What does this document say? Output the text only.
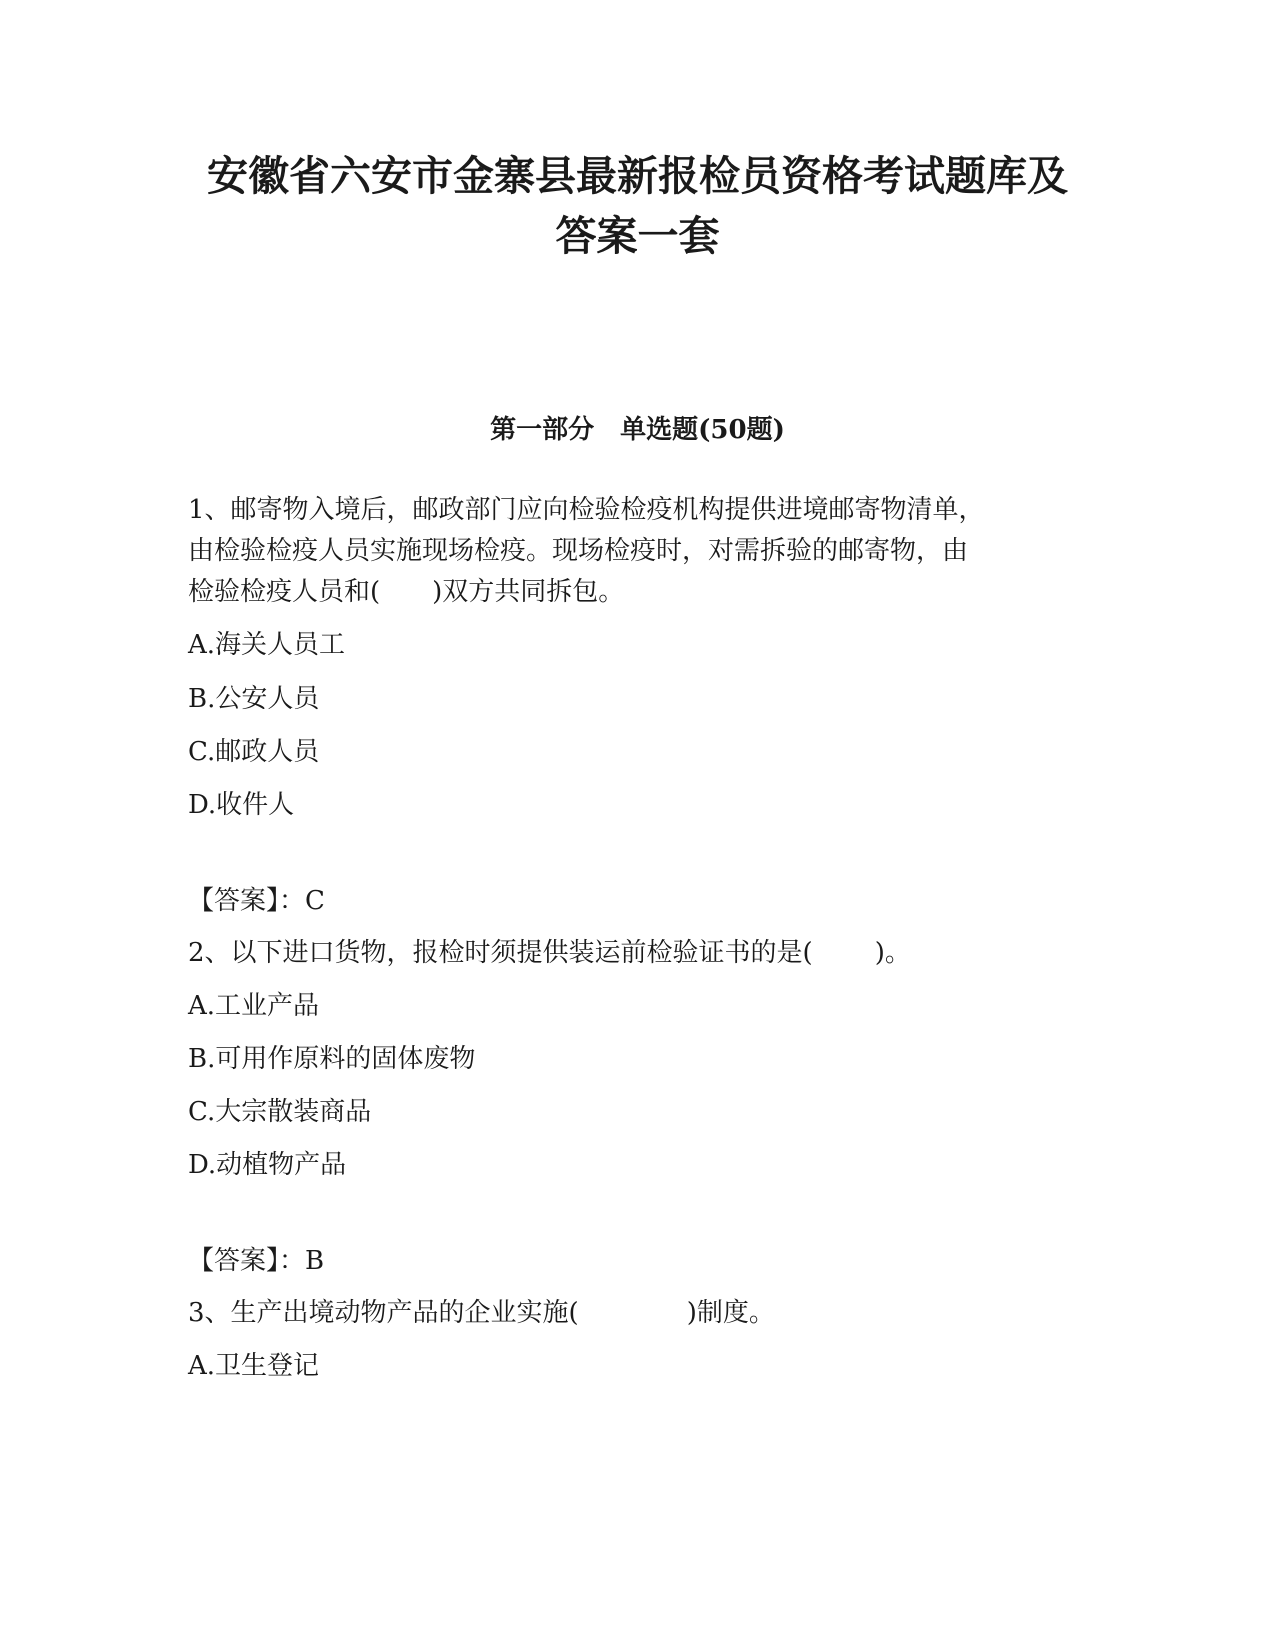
安徽省六安市金寨县最新报检员资格考试题库及
答案一套
第一部分　单选题(50题)
1、邮寄物入境后，邮政部门应向检验检疫机构提供进境邮寄物清单，
由检验检疫人员实施现场检疫。现场检疫时，对需拆验的邮寄物，由
检验检疫人员和( )双方共同拆包。
A.海关人员工
B.公安人员
C.邮政人员
D.收件人
【答案】：C
2、以下进口货物，报检时须提供装运前检验证书的是( )。
A.工业产品
B.可用作原料的固体废物
C.大宗散装商品
D.动植物产品
【答案】：B
3、生产出境动物产品的企业实施(	)制度。
A.卫生登记
